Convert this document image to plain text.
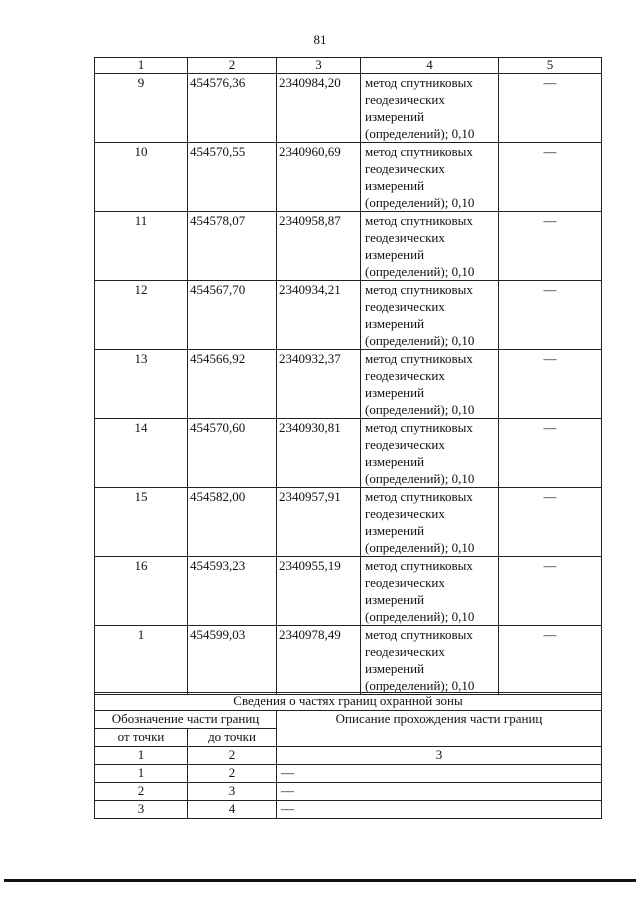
81
1	2	3	4	5
9	454576,36	2340984,20	метод спутниковых
геодезических
измерений
(определений); 0,10	—
10	454570,55	2340960,69	метод спутниковых
геодезических
измерений
(определений); 0,10	—
11	454578,07	2340958,87	метод спутниковых
геодезических
измерений
(определений); 0,10	—
12	454567,70	2340934,21	метод спутниковых
геодезических
измерений
(определений); 0,10	—
13	454566,92	2340932,37	метод спутниковых
геодезических
измерений
(определений); 0,10	—
14	454570,60	2340930,81	метод спутниковых
геодезических
измерений
(определений); 0,10	—
15	454582,00	2340957,91	метод спутниковых
геодезических
измерений
(определений); 0,10	—
16	454593,23	2340955,19	метод спутниковых
геодезических
измерений
(определений); 0,10	—
1	454599,03	2340978,49	метод спутниковых
геодезических
измерений
(определений); 0,10	—
Сведения о частях границ охранной зоны		
Обозначение части границ		Описание прохождения части границ
от точки	до точки	
1	2	3
1	2	—
2	3	—
3	4	—
